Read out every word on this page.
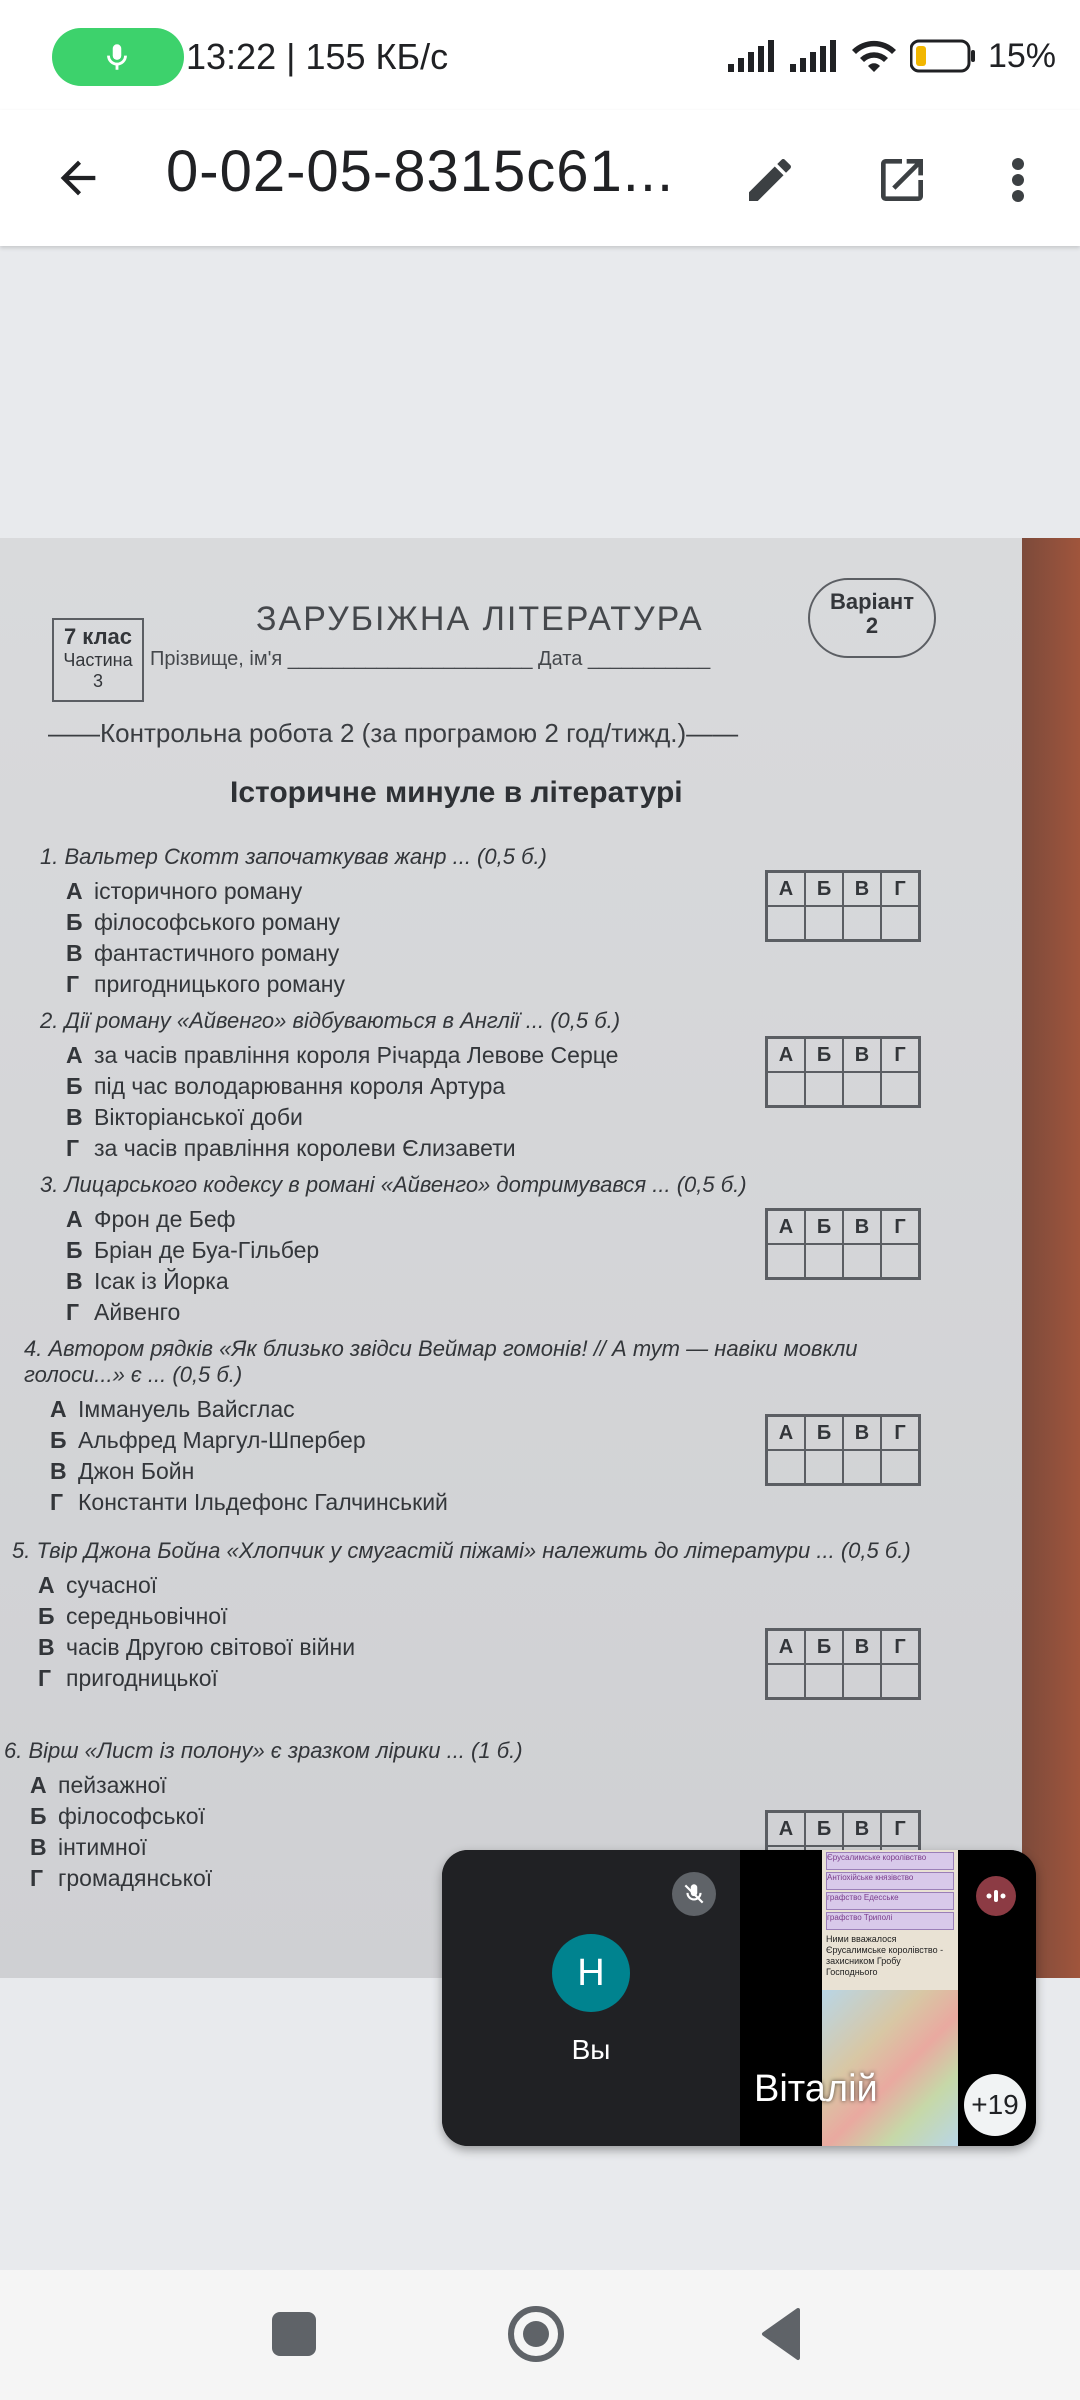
13:22 | 155 КБ/с	15%
0-02-05-8315c61...
7 клас
Частина
3
ЗАРУБІЖНА ЛІТЕРАТУРА
Прізвище, ім'я ______________________ Дата ___________
Варіант
2
——Контрольна робота 2 (за програмою 2 год/тижд.)——
Історичне минуле в літературі
1. Вальтер Скотт започаткував жанр ... (0,5 б.)
А історичного роману
Б філософського роману
В фантастичного роману
Г пригодницького роману
А	Б	В	Г
2. Дії роману «Айвенго» відбуваються в Англії ... (0,5 б.)
А за часів правління короля Річарда Левове Серце
Б під час володарювання короля Артура
В Вікторіанської доби
Г за часів правління королеви Єлизавети
А	Б	В	Г
3. Лицарського кодексу в романі «Айвенго» дотримувався ... (0,5 б.)
А Фрон де Беф
Б Бріан де Буа-Гільбер
В Ісак із Йорка
Г Айвенго
А	Б	В	Г
4. Автором рядків «Як близько звідси Веймар гомонів! // А тут — навіки мовкли голоси...» є ... (0,5 б.)
А Іммануель Вайсглас
Б Альфред Маргул-Шпербер
В Джон Бойн
Г Константи Ільдефонс Галчинський
А	Б	В	Г
5. Твір Джона Бойна «Хлопчик у смугастій піжамі» належить до літератури ... (0,5 б.)
А сучасної
Б середньовічної
В часів Другою світової війни
Г пригодницької
А	Б	В	Г
6. Вірш «Лист із полону» є зразком лірики ... (1 б.)
А пейзажної
Б філософської
В інтимної
Г громадянської
А	Б	В	Г
Н
Вы
Єрусалимське королівство
Антіохійське князівство
графство Едесське
графство Триполі
Ними вважалося Єрусалимське королівство - захисником Гробу Господнього
Віталій	+19
